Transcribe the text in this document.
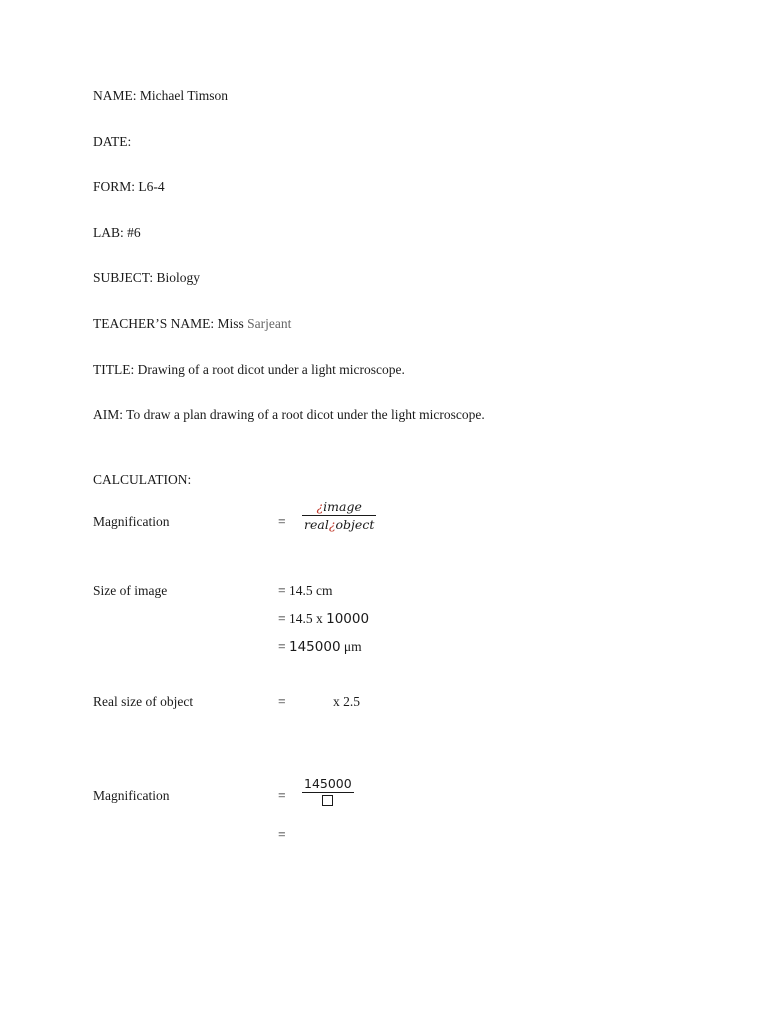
NAME: Michael Timson
DATE:
FORM: L6-4
LAB: #6
SUBJECT: Biology
TEACHER’S NAME: Miss Sarjeant
TITLE: Drawing of a root dicot under a light microscope.
AIM: To draw a plan drawing of a root dicot under the light microscope.
CALCULATION:
Magnification	=
¿image
real¿object
Size of image	= 14.5 cm
= 14.5 x 10000
= 145000 μm
Real size of object	=	x 2.5
Magnification	=
145000
=
